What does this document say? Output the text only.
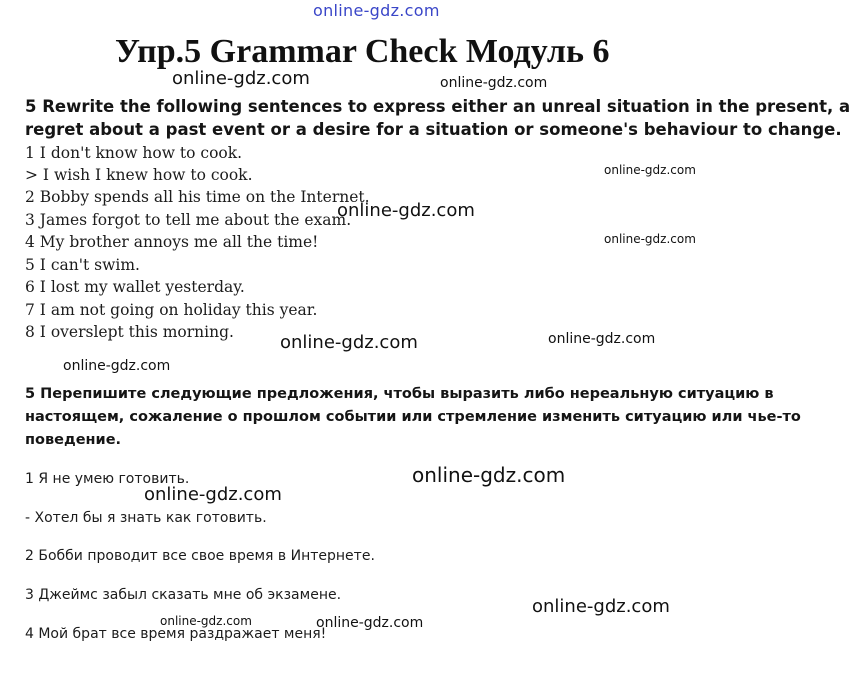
online-gdz.com
Упр.5 Grammar Check Модуль 6
5 Rewrite the following sentences to express either an unreal situation in the present, a
regret about a past event or a desire for a situation or someone's behaviour to change.
1 I don't know how to cook.
> I wish I knew how to cook.
2 Bobby spends all his time on the Internet.
3 James forgot to tell me about the exam.
4 My brother annoys me all the time!
5 I can't swim.
6 I lost my wallet yesterday.
7 I am not going on holiday this year.
8 I overslept this morning.
5 Перепишите следующие предложения, чтобы выразить либо нереальную ситуацию в
настоящем, сожаление о прошлом событии или стремление изменить ситуацию или чье-то
поведение.
1 Я не умею готовить.
- Хотел бы я знать как готовить.
2 Бобби проводит все свое время в Интернете.
3 Джеймс забыл сказать мне об экзамене.
4 Мой брат все время раздражает меня!
online-gdz.com	online-gdz.com
online-gdz.com
online-gdz.com
online-gdz.com
online-gdz.com
online-gdz.com
online-gdz.com
online-gdz.com
online-gdz.com
online-gdz.com
online-gdz.com	online-gdz.com
